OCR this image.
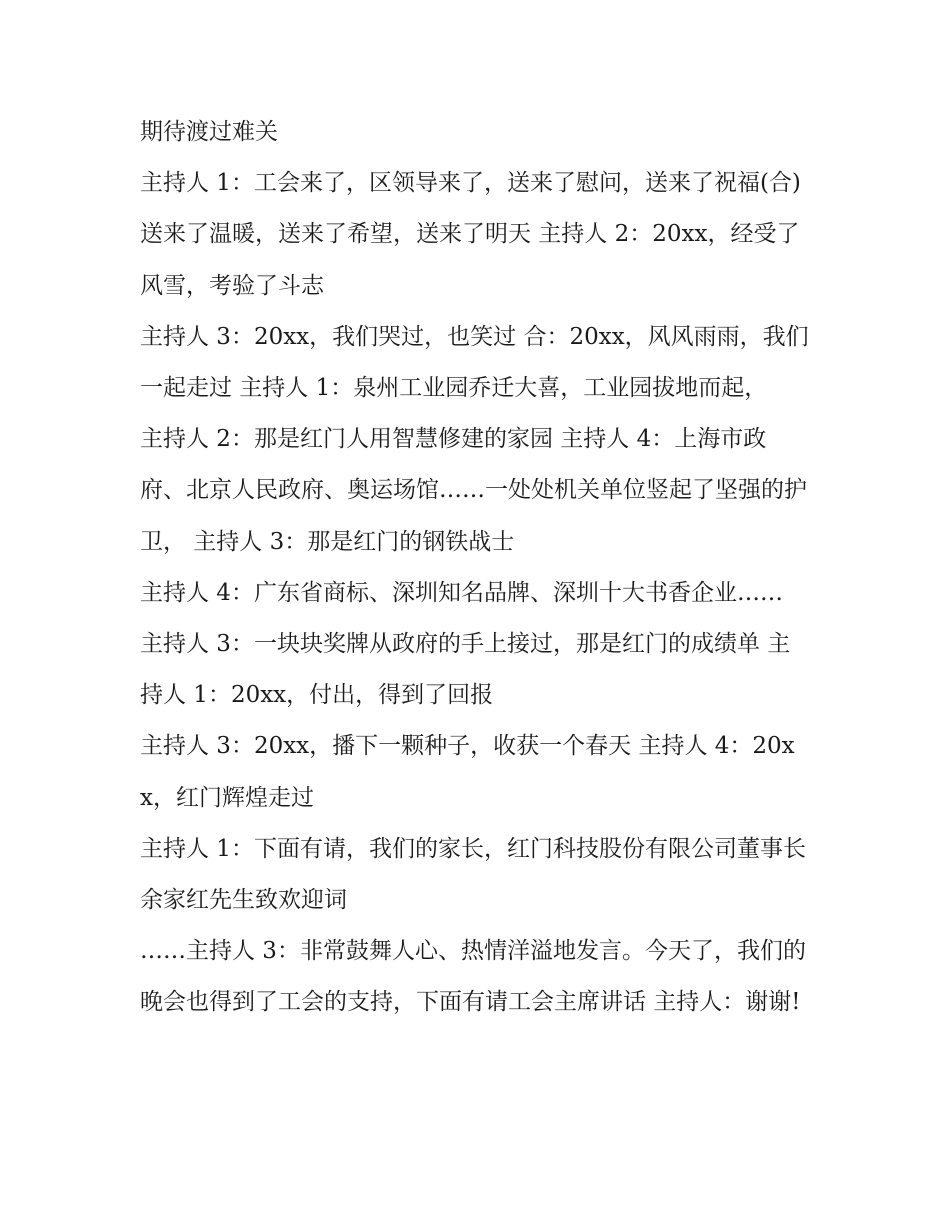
期待渡过难关

主持人 1：工会来了，区领导来了，送来了慰问，送来了祝福(合)送来了温暖，送来了希望，送来了明天 主持人 2：20xx，经受了风雪，考验了斗志

主持人 3：20xx，我们哭过，也笑过 合：20xx，风风雨雨，我们一起走过 主持人 1：泉州工业园乔迁大喜，工业园拔地而起，

主持人 2：那是红门人用智慧修建的家园 主持人 4：上海市政府、北京人民政府、奥运场馆……一处处机关单位竖起了坚强的护卫， 主持人 3：那是红门的钢铁战士

主持人 4：广东省商标、深圳知名品牌、深圳十大书香企业…… 主持人 3：一块块奖牌从政府的手上接过，那是红门的成绩单 主持人 1：20xx，付出，得到了回报

主持人 3：20xx，播下一颗种子，收获一个春天 主持人 4：20xx，红门辉煌走过

主持人 1：下面有请，我们的家长，红门科技股份有限公司董事长余家红先生致欢迎词

……主持人 3：非常鼓舞人心、热情洋溢地发言。今天了，我们的晚会也得到了工会的支持，下面有请工会主席讲话 主持人：谢谢!
